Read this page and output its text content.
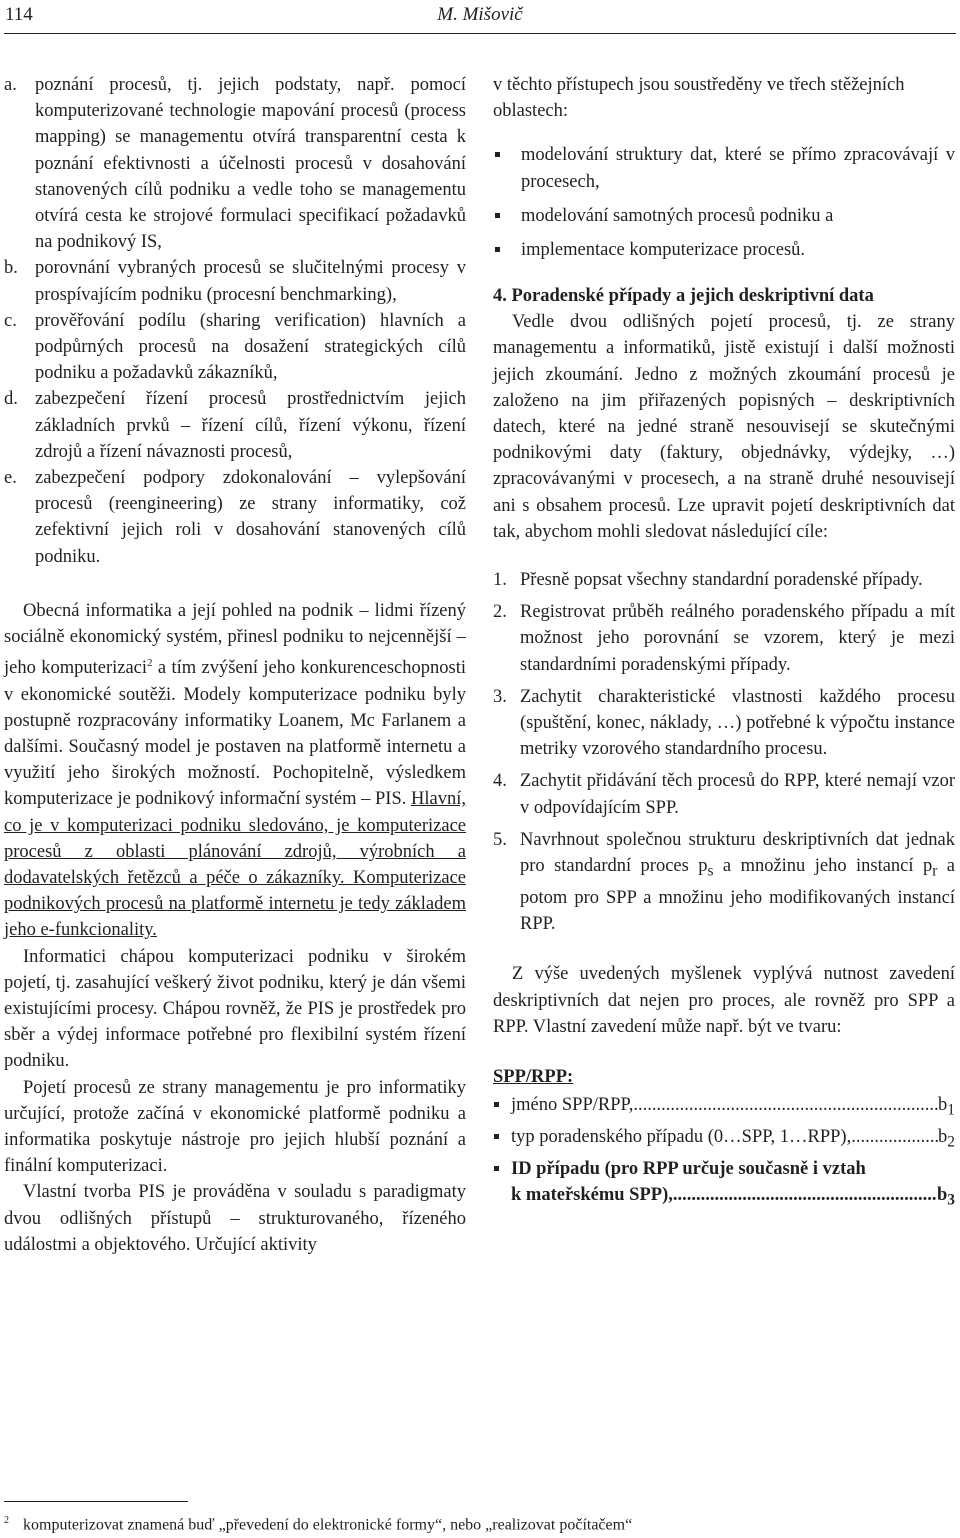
114	M. Mišovič
a. poznání procesů, tj. jejich podstaty, např. pomocí komputerizované technologie mapování procesů (process mapping) se managementu otvírá transparentní cesta k poznání efektivnosti a účelnosti procesů v dosahování stanovených cílů podniku a vedle toho se managementu otvírá cesta ke strojové formulaci specifikací požadavků na podnikový IS,
b. porovnání vybraných procesů se slučitelnými procesy v prospívajícím podniku (procesní benchmarking),
c. prověřování podílu (sharing verification) hlavních a podpůrných procesů na dosažení strategických cílů podniku a požadavků zákazníků,
d. zabezpečení řízení procesů prostřednictvím jejich základních prvků – řízení cílů, řízení výkonu, řízení zdrojů a řízení návaznosti procesů,
e. zabezpečení podpory zdokonalování – vylepšování procesů (reengineering) ze strany informatiky, což zefektivní jejich roli v dosahování stanovených cílů podniku.

Obecná informatika a její pohled na podnik – lidmi řízený sociálně ekonomický systém, přinesl podniku to nejcennější – jeho komputerizaci$^2$ a tím zvýšení jeho konkurenceschopnosti v ekonomické soutěži. Modely komputerizace podniku byly postupně rozpracovány informatiky Loanem, Mc Farlanem a dalšími. Současný model je postaven na platformě internetu a využití jeho širokých možností. Pochopitelně, výsledkem komputerizace je podnikový informační systém – PIS. Hlavní, co je v komputerizaci podniku sledováno, je komputerizace procesů z oblasti plánování zdrojů, výrobních a dodavatelských řetězců a péče o zákazníky. Komputerizace podnikových procesů na platformě internetu je tedy základem jeho e-funkcionality.

Informatici chápou komputerizaci podniku v širokém pojetí, tj. zasahující veškerý život podniku, který je dán všemi existujícími procesy. Chápou rovněž, že PIS je prostředek pro sběr a výdej informace potřebné pro flexibilní systém řízení podniku.

Pojetí procesů ze strany managementu je pro informatiky určující, protože začíná v ekonomické platformě podniku a informatika poskytuje nástroje pro jejich hlubší poznání a finální komputerizaci.

Vlastní tvorba PIS je prováděna v souladu s paradigmaty dvou odlišných přístupů – strukturovaného, řízeného událostmi a objektového. Určující aktivity

v těchto přístupech jsou soustředěny ve třech stěžejních oblastech:

modelování struktury dat, které se přímo zpracovávají v procesech,
modelování samotných procesů podniku a
implementace komputerizace procesů.
4. Poradenské případy a jejich deskriptivní data

Vedle dvou odlišných pojetí procesů, tj. ze strany managementu a informatiků, jistě existují i další možnosti jejich zkoumání. Jedno z možných zkoumání procesů je založeno na jim přiřazených popisných – deskriptivních datech, které na jedné straně nesouvisejí se skutečnými podnikovými daty (faktury, objednávky, výdejky, …) zpracovávanými v procesech, a na straně druhé nesouvisejí ani s obsahem procesů. Lze upravit pojetí deskriptivních dat tak, abychom mohli sledovat následující cíle:

1. Přesně popsat všechny standardní poradenské případy.
2. Registrovat průběh reálného poradenského případu a mít možnost jeho porovnání se vzorem, který je mezi standardními poradenskými případy.
3. Zachytit charakteristické vlastnosti každého procesu (spuštění, konec, náklady, …) potřebné k výpočtu instance metriky vzorového standardního procesu.
4. Zachytit přidávání těch procesů do RPP, které nemají vzor v odpovídajícím SPP.
5. Navrhnout společnou strukturu deskriptivních dat jednak pro standardní proces $p_s$ a množinu jeho instancí $p_r$ a potom pro SPP a množinu jeho modifikovaných instancí RPP.

Z výše uvedených myšlenek vyplývá nutnost zavedení deskriptivních dat nejen pro proces, ale rovněž pro SPP a RPP. Vlastní zavedení může např. být ve tvaru:

SPP/RPP:
jméno SPP/RPP, .....	$b_1$
typ poradenského případu (0…SPP, 1…RPP), .....	$b_2$
ID případu (pro RPP určuje současně i vztah
k mateřskému SPP), .....	$b_3$
$^2$ komputerizovat znamená buď „převedení do elektronické formy“, nebo „realizovat počítačem“
